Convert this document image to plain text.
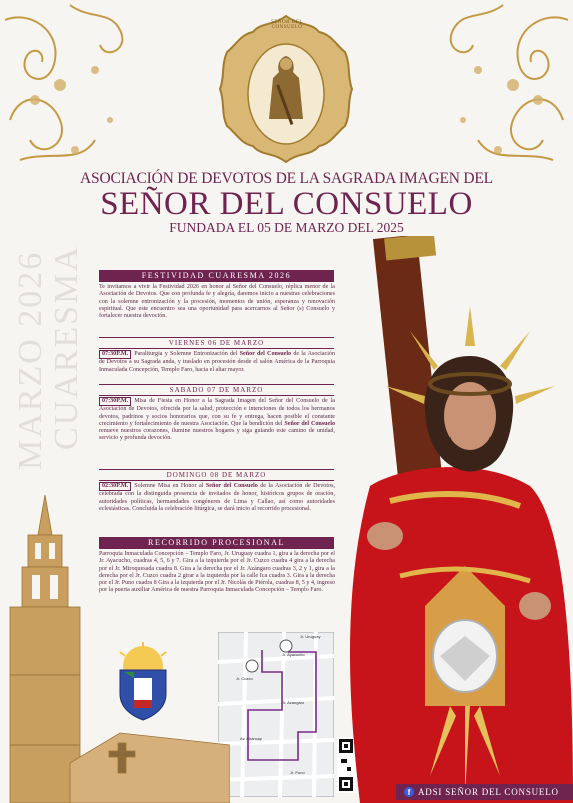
SEÑOR DEL CONSUELO
ASOCIACIÓN DE DEVOTOS DE LA SAGRADA IMAGEN DEL
SEÑOR DEL CONSUELO
FUNDADA EL 05 DE MARZO DEL 2025
MARZO 2026 CUARESMA	FESTIVIDAD CUARESMA 2026
Te invitamos a vivir la Festividad 2026 en honor al Señor del Consuelo, réplica menor de la Asociación de Devotos. Que con profunda fe y alegría, daremos inicio a nuestras celebraciones con la solemne entronización y la procesión, momentos de unión, esperanza y renovación espiritual. Que este encuentro sea una oportunidad para acercarnos al Señor (s) Consuelo y fortalecer nuestra devoción.
VIERNES 06 DE MARZO
07:30P.M. Paraliturgia y Solemne Entronización del Señor del Consuelo de la Asociación de Devotos a su Sagrada anda, y traslado en procesión desde el salón América de la Parroquia Inmaculada Concepción, Templo Faro, hacia el altar mayor.
SABADO 07 DE MARZO
07:30P.M. Misa de Fiesta en Honor a la Sagrada Imagen del Señor del Consuelo de la Asociación de Devotos, ofrecida por la salud, protección e intenciones de todos los hermanos devotos, padrinos y socios honorarios que, con su fe y entrega, hacen posible el constante crecimiento y fortalecimiento de nuestra Asociación. Que la bendición del Señor del Consuelo renueve nuestros corazones, ilumine nuestros hogares y siga guiando este camino de unidad, servicio y profunda devoción.
DOMINGO 08 DE MARZO
02:30P.M. Solemne Misa en Honor al Señor del Consuelo de la Asociación de Devotos, celebrada con la distinguida presencia de invitados de honor, históricos grupos de oración, autoridades políticas, hermandades congéneres de Lima y Callao, así como autoridades eclesiásticas. Concluida la celebración litúrgica, se dará inicio al recorrido procesional.
RECORRIDO PROCESIONAL
Parroquia Inmaculada Concepción – Templo Faro, Jr. Uruguay cuadra 1, gira a la derecha por el Jr. Ayacucho, cuadras 4, 5, 6 y 7. Gira a la izquierda por el Jr. Cuzco cuadra 4 gira a la derecha por el Jr. Miroquesada cuadra 8. Gira a la derecha por el Jr. Azángaro cuadras 3, 2 y 1, gira a la derecha por el Jr. Cuzco cuadra 2 girar a la izquierda por la calle Ica cuadra 3. Gira a la derecha por el Jr. Puno cuadra 8 Gira a la izquierda por el Jr. Nicolás de Piérola, cuadras 8, 5 y 4, ingreso por la puerta auxiliar América de nuestra Parroquia Inmaculada Concepción – Templo Faro.
Jr. Uruguay
Jr. Ayacucho
Jr. Cuzco
Jr. Azángaro
Av. Abancay
Jr. Puno
f ADSI SEÑOR DEL CONSUELO
